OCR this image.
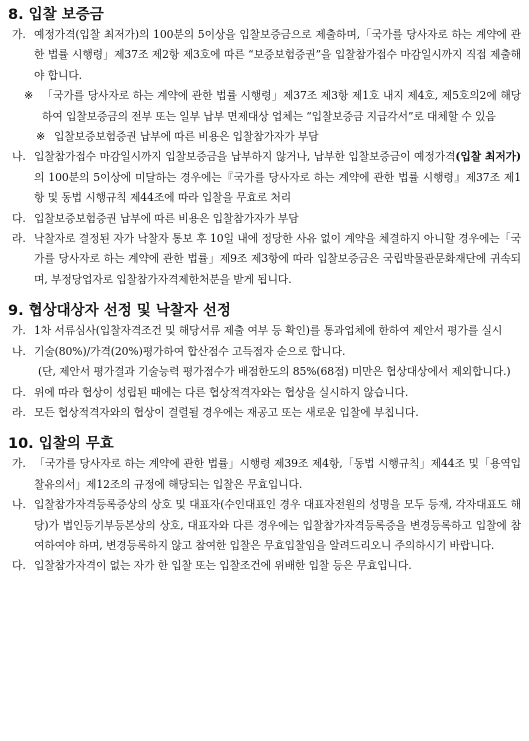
8. 입찰 보증금
가. 예정가격(입찰 최저가)의 100분의 5이상을 입찰보증금으로 제출하며,「국가를 당사자로 하는 계약에 관한 법률 시행령」제37조 제2항 제3호에 따른 “보증보험증권”을 입찰참가접수 마감일시까지 직접 제출해야 합니다.
※ 「국가를 당사자로 하는 계약에 관한 법률 시행령」제37조 제3항 제1호 내지 제4호, 제5호의2에 해당하여 입찰보증금의 전부 또는 일부 납부 면제대상 업체는 “입찰보증금 지급각서”로 대체할 수 있음
※ 입찰보증보험증권 납부에 따른 비용은 입찰참가자가 부담
나. 입찰참가접수 마감일시까지 입찰보증금을 납부하지 않거나, 납부한 입찰보증금이 예정가격(입찰 최저가)의 100분의 5이상에 미달하는 경우에는『국가를 당사자로 하는 계약에 관한 법률 시행령』제37조 제1항 및 동법 시행규칙 제44조에 따라 입찰을 무효로 처리
다. 입찰보증보험증권 납부에 따른 비용은 입찰참가자가 부담
라. 낙찰자로 결정된 자가 낙찰자 통보 후 10일 내에 정당한 사유 없이 계약을 체결하지 아니할 경우에는「국가를 당사자로 하는 계약에 관한 법률」제9조 제3항에 따라 입찰보증금은 국립박물관문화재단에 귀속되며, 부정당업자로 입찰참가자격제한처분을 받게 됩니다.
9. 협상대상자 선정 및 낙찰자 선정
가. 1차 서류심사(입찰자격조건 및 해당서류 제출 여부 등 확인)를 통과업체에 한하여 제안서 평가를 실시
나. 기술(80%)/가격(20%)평가하여 합산점수 고득점자 순으로 합니다.
(단, 제안서 평가결과 기술능력 평가점수가 배점한도의 85%(68점) 미만은 협상대상에서 제외합니다.)
다. 위에 따라 협상이 성립된 때에는 다른 협상적격자와는 협상을 실시하지 않습니다.
라. 모든 협상적격자와의 협상이 결렬될 경우에는 재공고 또는 새로운 입찰에 부칩니다.
10. 입찰의 무효
가. 「국가를 당사자로 하는 계약에 관한 법률」시행령 제39조 제4항,「동법 시행규칙」제44조 및「용역입찰유의서」제12조의 규정에 해당되는 입찰은 무효입니다.
나. 입찰참가자격등록증상의 상호 및 대표자(수인대표인 경우 대표자전원의 성명을 모두 등재, 각자대표도 해당)가 법인등기부등본상의 상호, 대표자와 다른 경우에는 입찰참가자격등록증을 변경등록하고 입찰에 참여하여야 하며, 변경등록하지 않고 참여한 입찰은 무효입찰임을 알려드리오니 주의하시기 바랍니다.
다. 입찰참가자격이 없는 자가 한 입찰 또는 입찰조건에 위배한 입찰 등은 무효입니다.
